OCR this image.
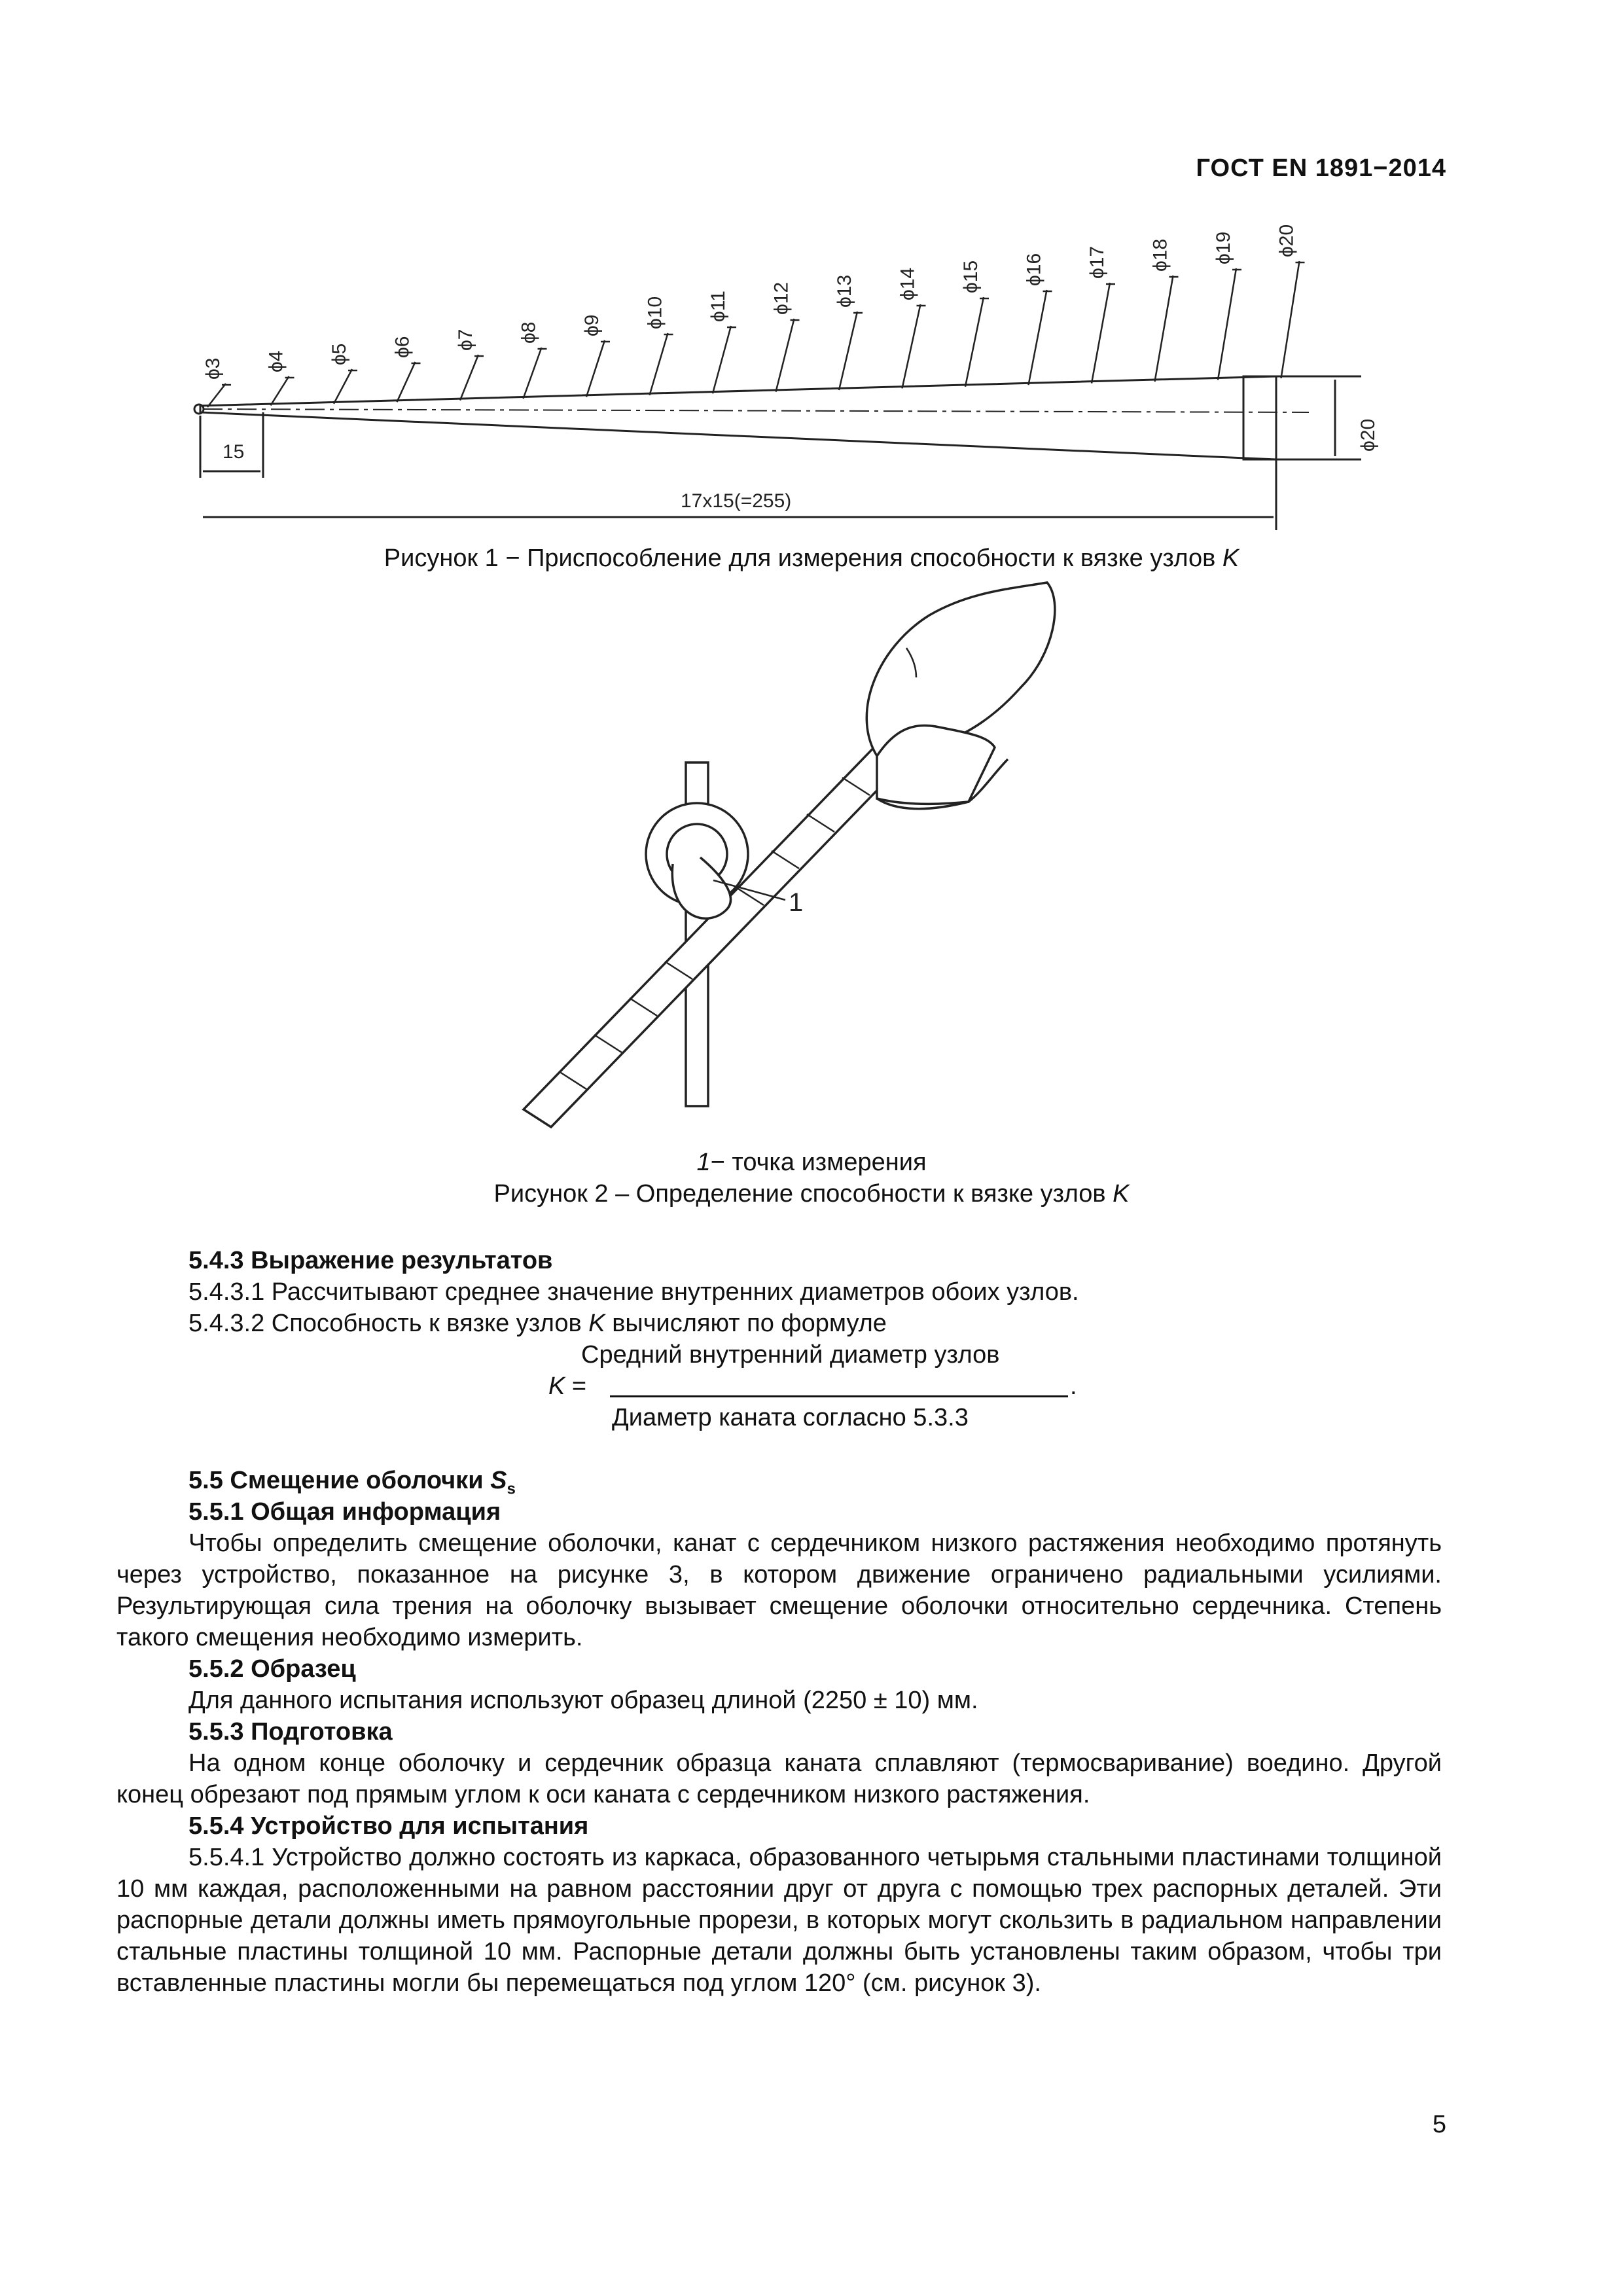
ГОСТ EN 1891−2014
ϕ3 ϕ4 ϕ5 ϕ6 ϕ7 ϕ8 ϕ9 ϕ10 ϕ11 ϕ12 ϕ13 ϕ14 ϕ15 ϕ16 ϕ17 ϕ18 ϕ19 ϕ20
15
17x15(=255)
ϕ20
Рисунок 1 − Приспособление для измерения способности к вязке узлов K
1
1− точка измерения
Рисунок 2 – Определение способности к вязке узлов K
5.4.3 Выражение результатов
5.4.3.1 Рассчитывают среднее значение внутренних диаметров обоих узлов.
5.4.3.2 Способность к вязке узлов K вычисляют по формуле
Средний внутренний диаметр узлов
K =	.
Диаметр каната согласно 5.3.3
5.5 Смещение оболочки $S_s$
5.5.1 Общая информация
Чтобы определить смещение оболочки, канат с сердечником низкого растяжения необходимо протянуть через устройство, показанное на рисунке 3, в котором движение ограничено радиальными усилиями. Результирующая сила трения на оболочку вызывает смещение оболочки относительно сердечника. Степень такого смещения необходимо измерить.
5.5.2 Образец
Для данного испытания используют образец длиной (2250 ± 10) мм.
5.5.3 Подготовка
На одном конце оболочку и сердечник образца каната сплавляют (термосваривание) воедино. Другой конец обрезают под прямым углом к оси каната с сердечником низкого растяжения.
5.5.4 Устройство для испытания
5.5.4.1 Устройство должно состоять из каркаса, образованного четырьмя стальными пластинами толщиной 10 мм каждая, расположенными на равном расстоянии друг от друга с помощью трех распорных деталей. Эти распорные детали должны иметь прямоугольные прорези, в которых могут скользить в радиальном направлении стальные пластины толщиной 10 мм. Распорные детали должны быть установлены таким образом, чтобы три вставленные пластины могли бы перемещаться под углом 120° (см. рисунок 3).
5
